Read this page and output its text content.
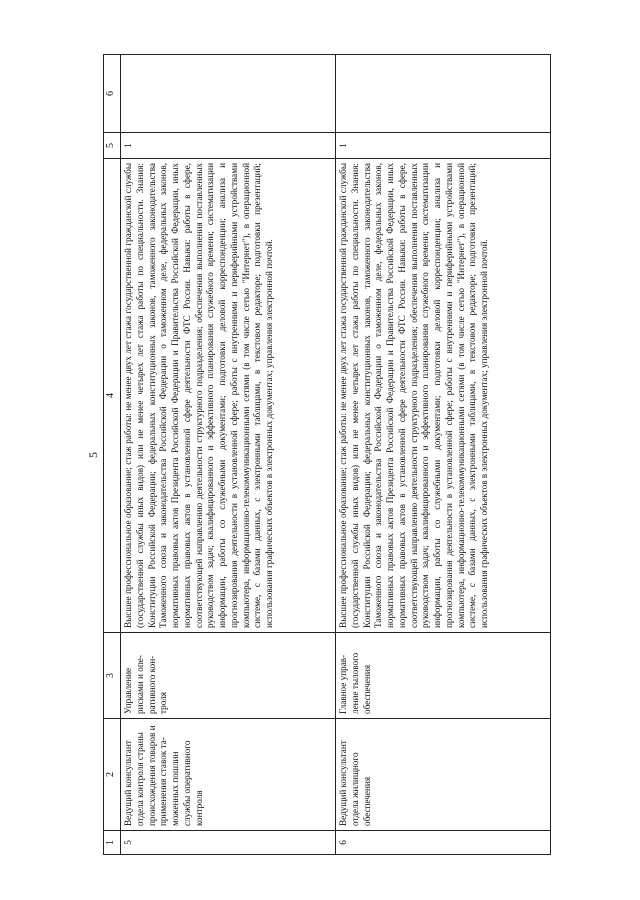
5
1	2	3	4	5	6
5	Ведущий консультант отдела контроля страны происхождения товаров и применения ставок таможенных пошлин службы оперативного контроля	Управление рисками и оперативного контроля	Высшее профессиональное образование; стаж работы: не менее двух лет стажа государственной гражданской службы (государственной службы иных видов) или не менее четырех лет стажа работы по специальности. Знания: Конституции Российской Федерации; федеральных конституционных законов, таможенного законодательства Таможенного союза и законодательства Российской Федерации о таможенном деле, федеральных законов, нормативных правовых актов Президента Российской Федерации и Правительства Российской Федерации, иных нормативных правовых актов в установленной сфере деятельности ФТС России. Навыки: работы в сфере, соответствующей направлению деятельности структурного подразделения; обеспечения выполнения поставленных руководством задач; квалифицированного и эффективного планирования служебного времени; систематизации информации, работы со служебными документами; подготовки деловой корреспонденции; анализа и прогнозирования деятельности в установленной сфере; работы с внутренними и периферийными устройствами компьютера, информационно-телекоммуникационными сетями (в том числе сетью "Интернет"), в операционной системе, с базами данных, с электронными таблицами, в текстовом редакторе; подготовки презентаций; использования графических объектов в электронных документах; управления электронной почтой.	1	
6	Ведущий консультант отдела жилищного обеспечения	Главное управление тылового обеспечения	Высшее профессиональное образование; стаж работы: не менее двух лет стажа государственной гражданской службы (государственной службы иных видов) или не менее четырех лет стажа работы по специальности. Знания: Конституции Российской Федерации; федеральных конституционных законов, таможенного законодательства Таможенного союза и законодательства Российской Федерации о таможенном деле, федеральных законов, нормативных правовых актов Президента Российской Федерации и Правительства Российской Федерации, иных нормативных правовых актов в установленной сфере деятельности ФТС России. Навыки: работы в сфере, соответствующей направлению деятельности структурного подразделения; обеспечения выполнения поставленных руководством задач; квалифицированного и эффективного планирования служебного времени; систематизации информации, работы со служебными документами; подготовки деловой корреспонденции; анализа и прогнозирования деятельности в установленной сфере; работы с внутренними и периферийными устройствами компьютера, информационно-телекоммуникационными сетями (в том числе сетью "Интернет"), в операционной системе, с базами данных, с электронными таблицами, в текстовом редакторе; подготовки презентаций; использования графических объектов в электронных документах; управления электронной почтой.	1	
